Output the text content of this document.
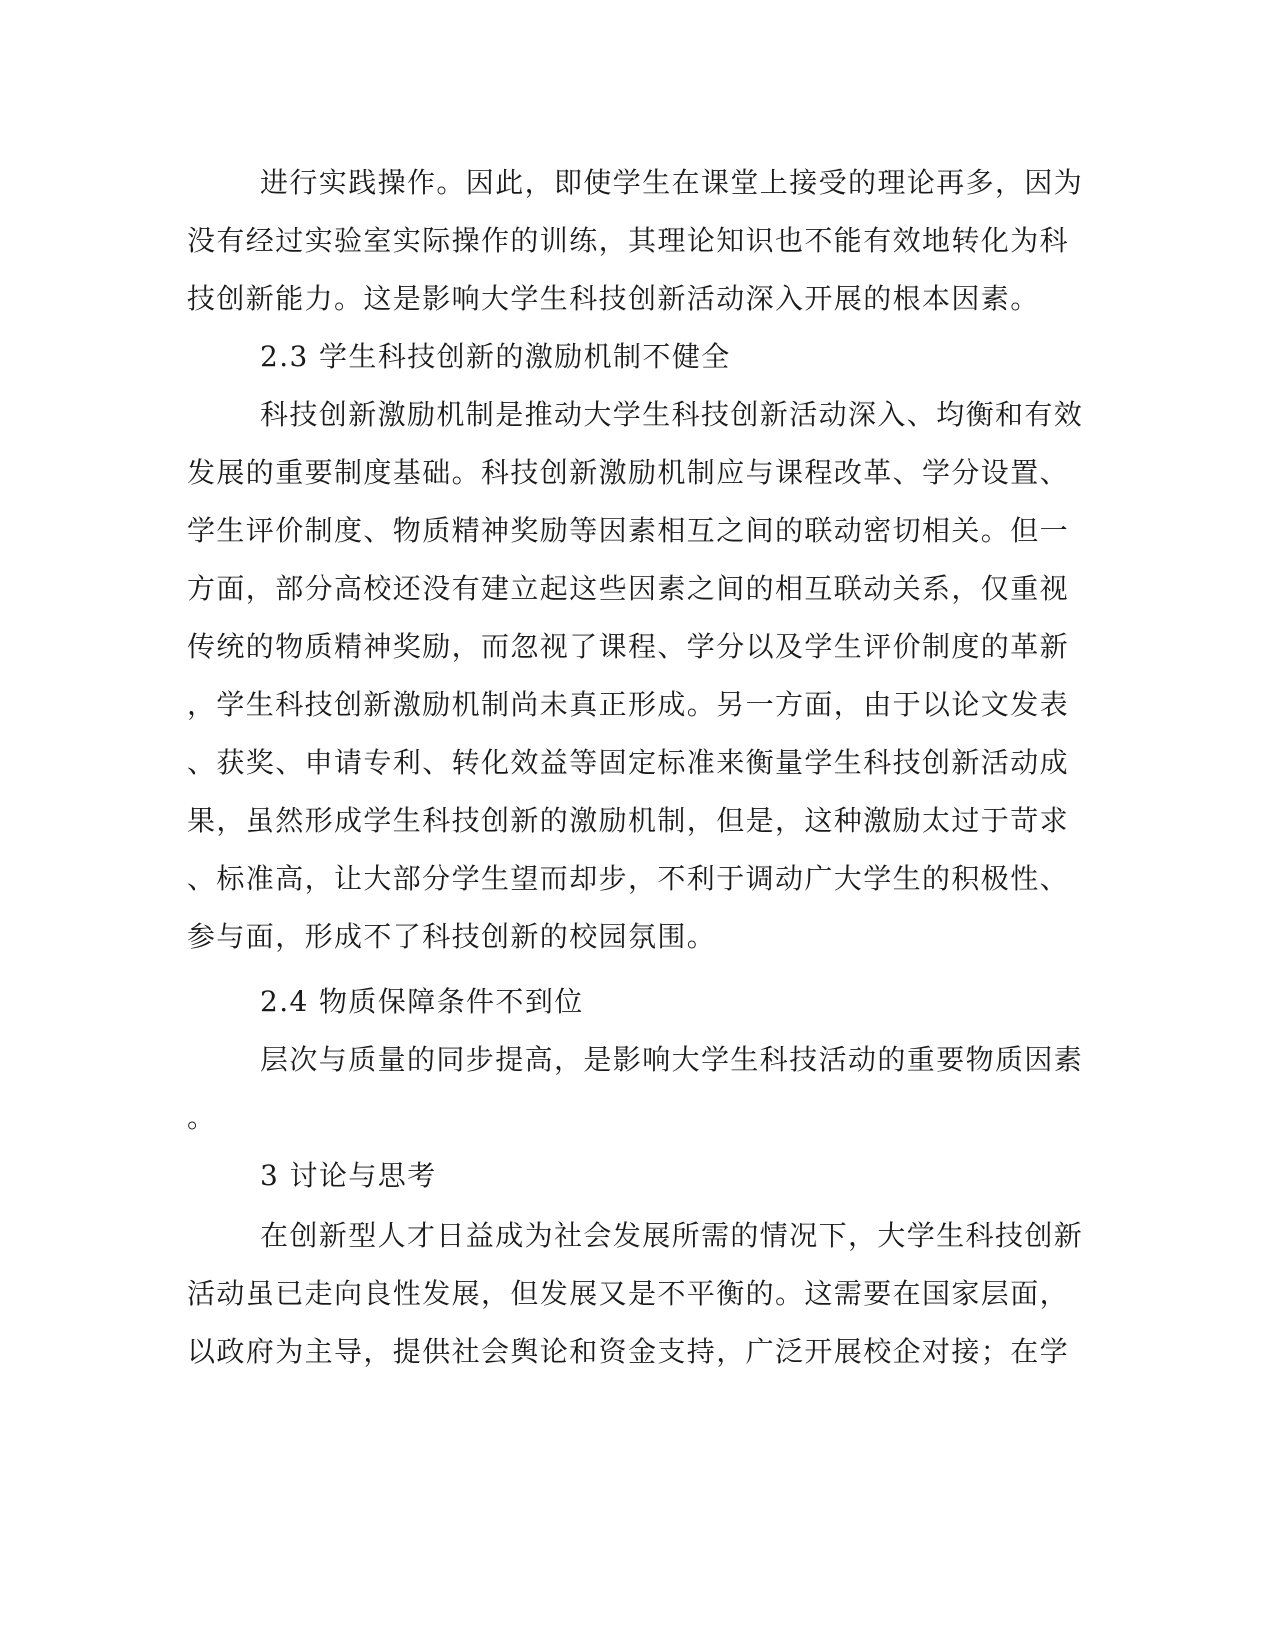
进行实践操作。因此，即使学生在课堂上接受的理论再多，因为
没有经过实验室实际操作的训练，其理论知识也不能有效地转化为科
技创新能力。这是影响大学生科技创新活动深入开展的根本因素。
2.3 学生科技创新的激励机制不健全
科技创新激励机制是推动大学生科技创新活动深入、均衡和有效
发展的重要制度基础。科技创新激励机制应与课程改革、学分设置、
学生评价制度、物质精神奖励等因素相互之间的联动密切相关。但一
方面，部分高校还没有建立起这些因素之间的相互联动关系，仅重视
传统的物质精神奖励，而忽视了课程、学分以及学生评价制度的革新
，学生科技创新激励机制尚未真正形成。另一方面，由于以论文发表
、获奖、申请专利、转化效益等固定标准来衡量学生科技创新活动成
果，虽然形成学生科技创新的激励机制，但是，这种激励太过于苛求
、标准高，让大部分学生望而却步，不利于调动广大学生的积极性、
参与面，形成不了科技创新的校园氛围。
2.4 物质保障条件不到位
层次与质量的同步提高，是影响大学生科技活动的重要物质因素
。
3 讨论与思考
在创新型人才日益成为社会发展所需的情况下，大学生科技创新
活动虽已走向良性发展，但发展又是不平衡的。这需要在国家层面，
以政府为主导，提供社会舆论和资金支持，广泛开展校企对接；在学
